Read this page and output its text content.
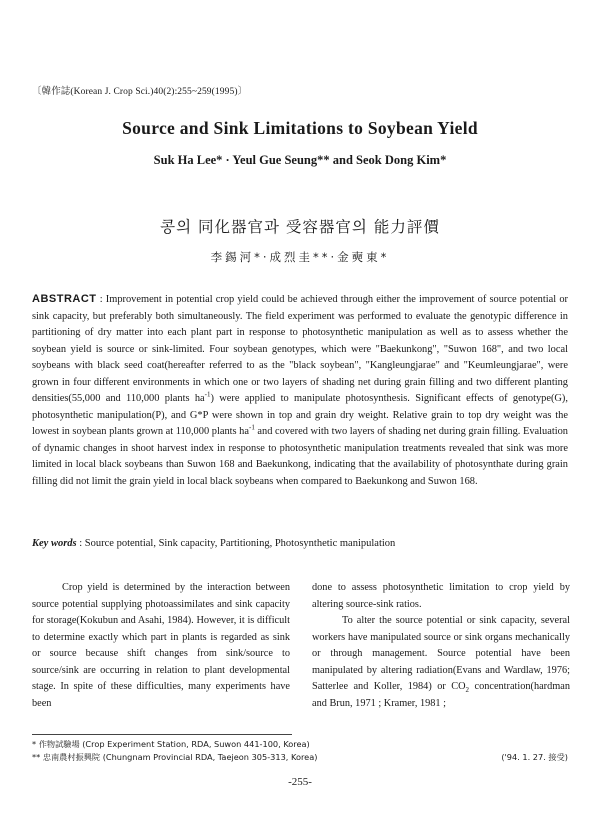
〔韓作誌(Korean J. Crop Sci.)40(2):255~259(1995)〕
Source and Sink Limitations to Soybean Yield
Suk Ha Lee* · Yeul Gue Seung** and Seok Dong Kim*
콩의 同化器官과 受容器官의 能力評價
李錫河*·成烈圭**·金奭東*
ABSTRACT : Improvement in potential crop yield could be achieved through either the improvement of source potential or sink capacity, but preferably both simultaneously. The field experiment was performed to evaluate the genotypic difference in partitioning of dry matter into each plant part in response to photosynthetic manipulation as well as to assess whether the soybean yield is source or sink-limited. Four soybean genotypes, which were "Baekunkong", "Suwon 168", and two local soybeans with black seed coat(hereafter referred to as the "black soybean", "Kangleungjarae" and "Keumleungjarae", were grown in four different environments in which one or two layers of shading net during grain filling and two different planting densities(55,000 and 110,000 plants $ha^{-1}$) were applied to manipulate photosynthesis. Significant effects of genotype(G), photosynthetic manipulation(P), and G*P were shown in top and grain dry weight. Relative grain to top dry weight was the lowest in soybean plants grown at 110,000 plants $ha^{-1}$ and covered with two layers of shading net during grain filling. Evaluation of dynamic changes in shoot harvest index in response to photosynthetic manipulation treatments revealed that sink was more limited in local black soybeans than Suwon 168 and Baekunkong, indicating that the availability of photosynthate during grain filling did not limit the grain yield in local black soybeans when compared to Baekunkong and Suwon 168.
Key words : Source potential, Sink capacity, Partitioning, Photosynthetic manipulation

Crop yield is determined by the interaction between source potential supplying photoassimilates and sink capacity for storage(Kokubun and Asahi, 1984). However, it is difficult to determine exactly which part in plants is regarded as sink or source because shift changes from sink/source to source/sink are occurring in relation to plant developmental stage. In spite of these difficulties, many experiments have been

done to assess photosynthetic limitation to crop yield by altering source-sink ratios.

To alter the source potential or sink capacity, several workers have manipulated source or sink organs mechanically or through management. Source potential have been manipulated by altering radiation(Evans and Wardlaw, 1976; Satterlee and Koller, 1984) or $CO_2$ concentration(hardman and Brun, 1971 ; Kramer, 1981 ;

* 作物試驗場 (Crop Experiment Station, RDA, Suwon 441-100, Korea)
** 忠南農村振興院 (Chungnam Provincial RDA, Taejeon 305-313, Korea)	('94. 1. 27. 接受)
-255-
